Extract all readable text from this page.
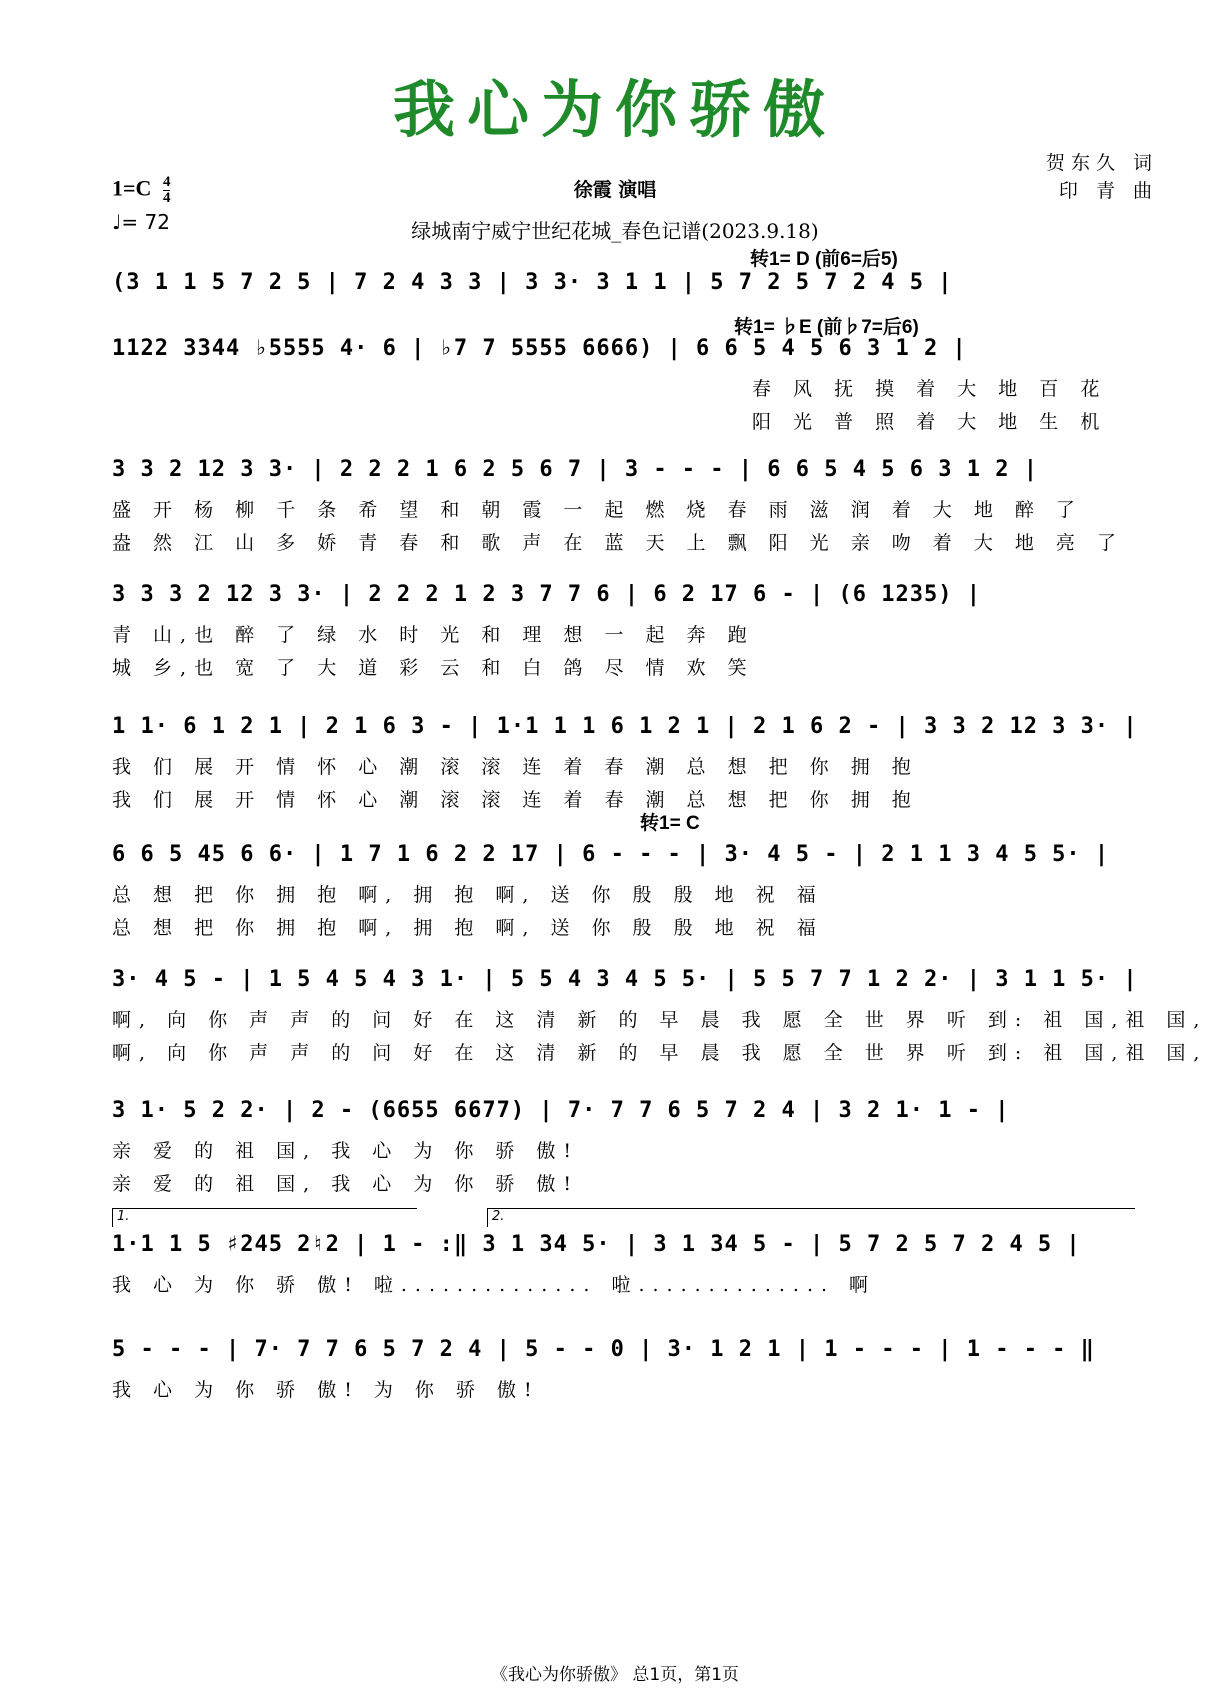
我心为你骄傲
$1=C \frac{4}{4}$
♩= 72
徐霞 演唱
绿城南宁威宁世纪花城_春色记谱(2023.9.18)
贺东久 词
印 青 曲
转1= D (前6=后5)
转1= ♭E (前♭7=后6)
转1= C
(3 1 1 5 7 2 5 | 7 2 4 3 3 | 3 3· 3 1 1 | 5 7 2 5 7 2 4 5 |
1122 3344 ♭5555 4· 6 | ♭7 7 5555 6666) | 6 6 5 4 5 6 3 1 2 |
春 风 抚 摸 着 大 地 百 花
阳 光 普 照 着 大 地 生 机
3 3 2 12 3 3· | 2 2 2 1 6 2 5 6 7 | 3 - - - | 6 6 5 4 5 6 3 1 2 |
盛 开 杨 柳 千 条 希 望 和 朝 霞 一 起 燃 烧 春 雨 滋 润 着 大 地 醉 了
盎 然 江 山 多 娇 青 春 和 歌 声 在 蓝 天 上 飘 阳 光 亲 吻 着 大 地 亮 了
3 3 3 2 12 3 3· | 2 2 2 1 2 3 7 7 6 | 6 2 17 6 - | (6 1235) |
青 山,也 醉 了 绿 水 时 光 和 理 想 一 起 奔 跑
城 乡,也 宽 了 大 道 彩 云 和 白 鸽 尽 情 欢 笑
1 1· 6 1 2 1 | 2 1 6 3 - | 1·1 1 1 6 1 2 1 | 2 1 6 2 - | 3 3 2 12 3 3· |
我 们 展 开 情 怀 心 潮 滚 滚 连 着 春 潮 总 想 把 你 拥 抱
我 们 展 开 情 怀 心 潮 滚 滚 连 着 春 潮 总 想 把 你 拥 抱
6 6 5 45 6 6· | 1 7 1 6 2 2 17 | 6 - - - | 3· 4 5 - | 2 1 1 3 4 5 5· |
总 想 把 你 拥 抱 啊, 拥 抱 啊, 送 你 殷 殷 地 祝 福
总 想 把 你 拥 抱 啊, 拥 抱 啊, 送 你 殷 殷 地 祝 福
3· 4 5 - | 1 5 4 5 4 3 1· | 5 5 4 3 4 5 5· | 5 5 7 7 1 2 2· | 3 1 1 5· |
啊, 向 你 声 声 的 问 好 在 这 清 新 的 早 晨 我 愿 全 世 界 听 到: 祖 国,祖 国,
啊, 向 你 声 声 的 问 好 在 这 清 新 的 早 晨 我 愿 全 世 界 听 到: 祖 国,祖 国,
3 1· 5 2 2· | 2 - (6655 6677) | 7· 7 7 6 5 7 2 4 | 3 2 1· 1 - |
亲 爱 的 祖 国, 我 心 为 你 骄 傲!
亲 爱 的 祖 国, 我 心 为 你 骄 傲!
1.	2.
1·1 1 5 ♯245 2♮2 | 1 - :‖ 3 1 34 5· | 3 1 34 5 - | 5 7 2 5 7 2 4 5 |
我 心 为 你 骄 傲! 啦.............. 啦.............. 啊
5 - - - | 7· 7 7 6 5 7 2 4 | 5 - - 0 | 3· 1 2 1 | 1 - - - | 1 - - - ‖
我 心 为 你 骄 傲! 为 你 骄 傲!
《我心为你骄傲》 总1页，第1页
